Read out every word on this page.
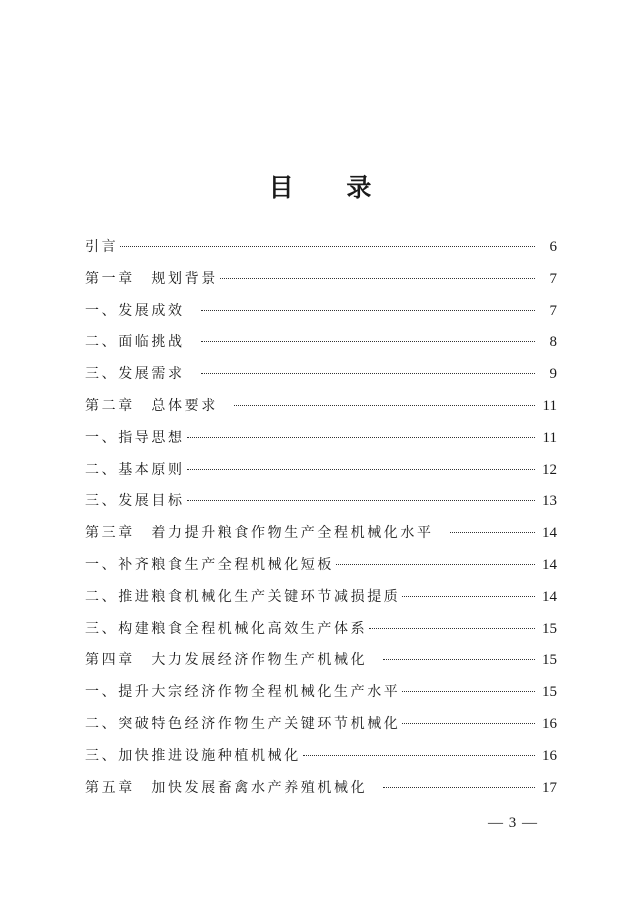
目 录
引言	6
第一章　规划背景	7
一、发展成效	7
二、面临挑战	8
三、发展需求	9
第二章　总体要求	11
一、指导思想	11
二、基本原则	12
三、发展目标	13
第三章　着力提升粮食作物生产全程机械化水平	14
一、补齐粮食生产全程机械化短板	14
二、推进粮食机械化生产关键环节减损提质	14
三、构建粮食全程机械化高效生产体系	15
第四章　大力发展经济作物生产机械化	15
一、提升大宗经济作物全程机械化生产水平	15
二、突破特色经济作物生产关键环节机械化	16
三、加快推进设施种植机械化	16
第五章　加快发展畜禽水产养殖机械化	17
— 3 —
